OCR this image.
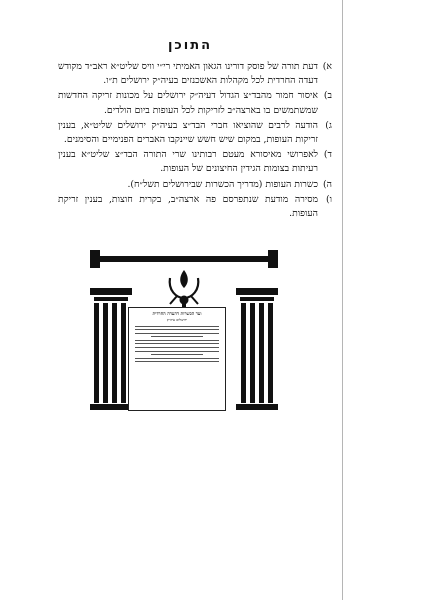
התוכן
א)
דעת תורה של פוסק דורינו הגאון האמיתי רי״י וויס שליט״א ראב״ד מקודש דעדה החרדית לכל מקהלות האשכנזים בעיה״ק ירושלים ת״ו.
ב)
איסור חמור מהבד״צ הגדול דעיה״ק ירושלים על מכונות זריקה החדשות שמשתמשים בו בארצה״ב לזריקות לכל העופות ביום הולדים.
ג)
הודעה לרבים שהוציאו חברי הבד״צ בעיה״ק ירושלים שליט״א, בענין זריקות העופות, במקום שיש חשש שיינקבו האברים הפנימיים והסימנים.
ד)
לאפרושי מאיסורא מעטם רבותינו שרי התורה הבד״צ שליט״א בענין רעיתות בצומות הגידין החיצונים של העופות.
ה)
כשרות העופות (מדריך הכשרות שבירושלים תשל״ח).
ו)
מסירה מודעת שנתפרסם פה ארצה״ב, בקרית חוצות, בענין זריקת העופות.
ועד הכשרות דהעדה החרדית
ירושלים עיה״ק
